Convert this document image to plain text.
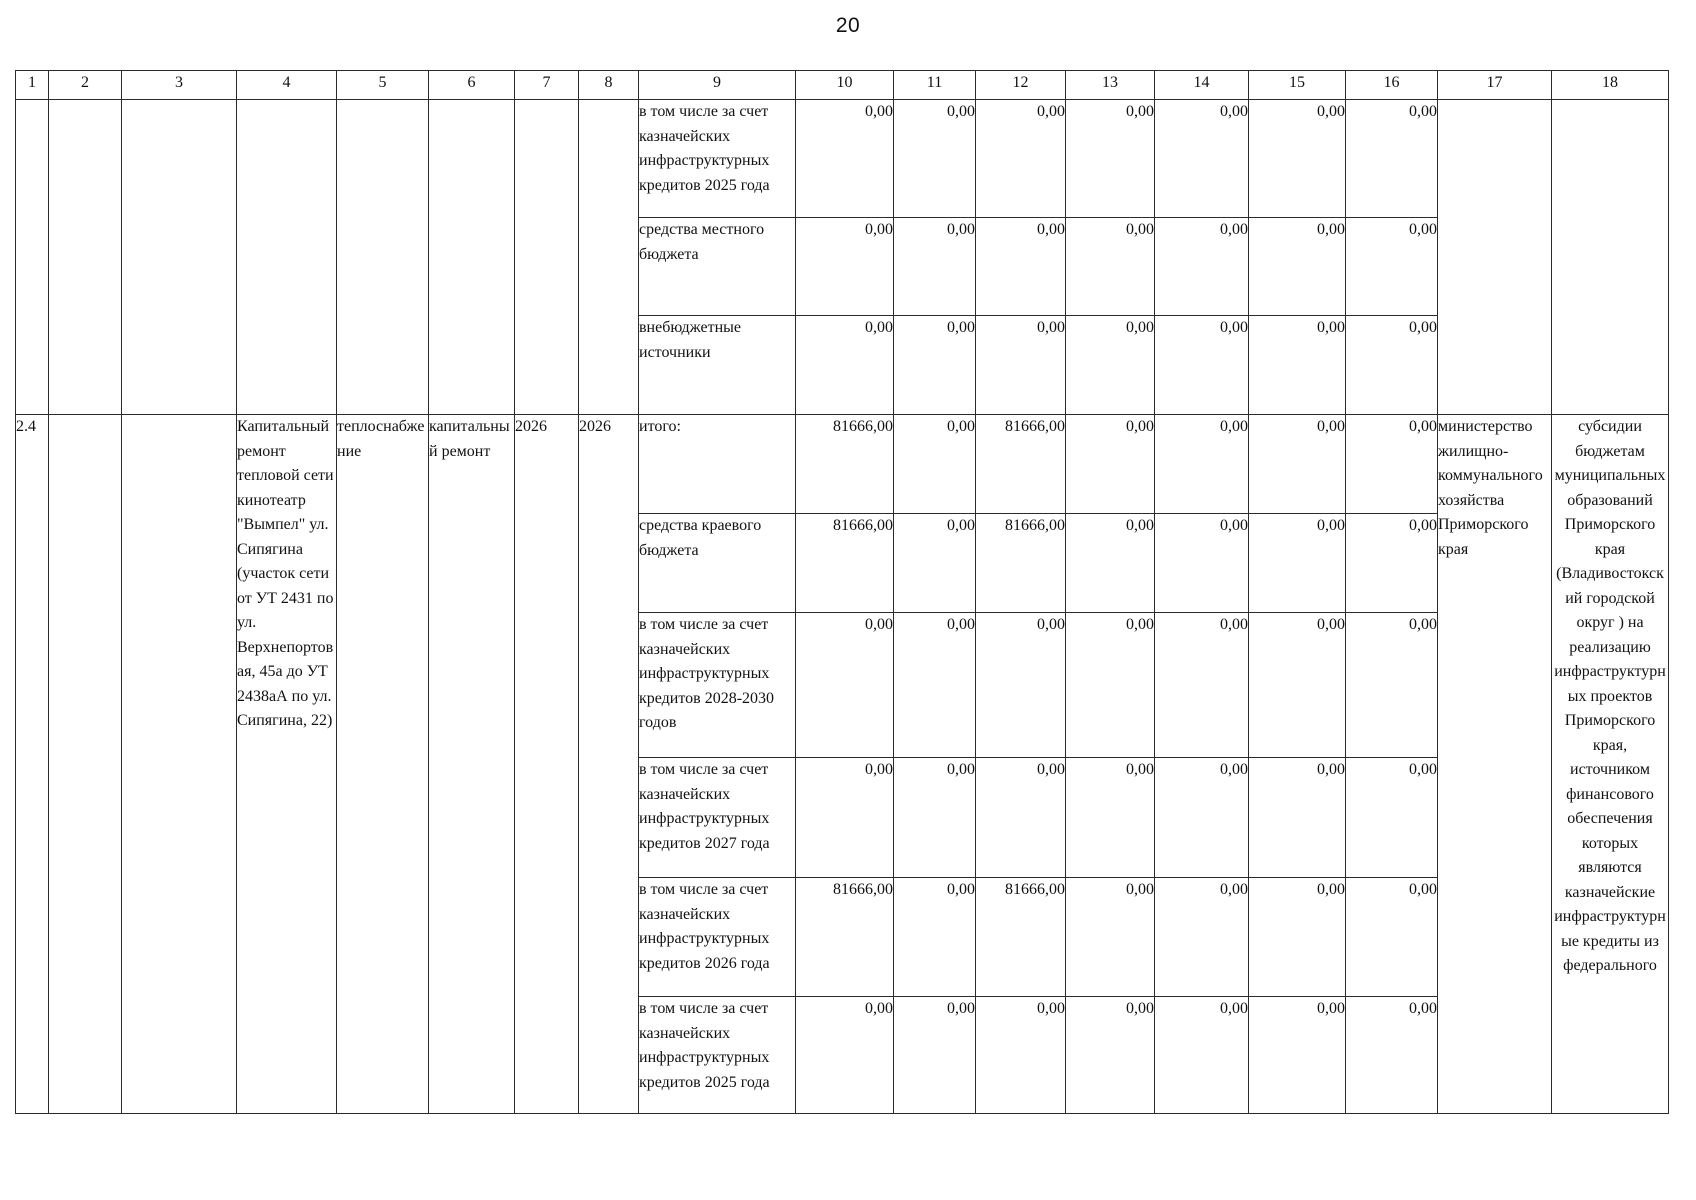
20
1	2	3	4	5	6	7	8	9	10	11	12	13	14	15	16	17	18
								в том числе за счет казначейских инфраструктурных кредитов 2025 года	0,00	0,00	0,00	0,00	0,00	0,00	0,00		
								средства местного бюджета	0,00	0,00	0,00	0,00	0,00	0,00	0,00		
								внебюджетные источники	0,00	0,00	0,00	0,00	0,00	0,00	0,00		
2.4			Капитальный ремонт тепловой сети кинотеатр "Вымпел" ул. Сипягина (участок сети от УТ 2431 по ул. Верхнепортовая, 45а до УТ 2438аА по ул. Сипягина, 22)	теплоснабжение	капитальный ремонт	2026	2026	итого:	81666,00	0,00	81666,00	0,00	0,00	0,00	0,00	министерство жилищно-коммунального хозяйства Приморского края	субсидии бюджетам муниципальных образований Приморского края (Владивостокский городской округ ) на реализацию инфраструктурных проектов Приморского края, источником финансового обеспечения которых являются казначейские инфраструктурные кредиты из федерального
								средства краевого бюджета	81666,00	0,00	81666,00	0,00	0,00	0,00	0,00		
								в том числе за счет казначейских инфраструктурных кредитов 2028-2030 годов	0,00	0,00	0,00	0,00	0,00	0,00	0,00		
								в том числе за счет казначейских инфраструктурных кредитов 2027 года	0,00	0,00	0,00	0,00	0,00	0,00	0,00		
								в том числе за счет казначейских инфраструктурных кредитов 2026 года	81666,00	0,00	81666,00	0,00	0,00	0,00	0,00		
								в том числе за счет казначейских инфраструктурных кредитов 2025 года	0,00	0,00	0,00	0,00	0,00	0,00	0,00		
